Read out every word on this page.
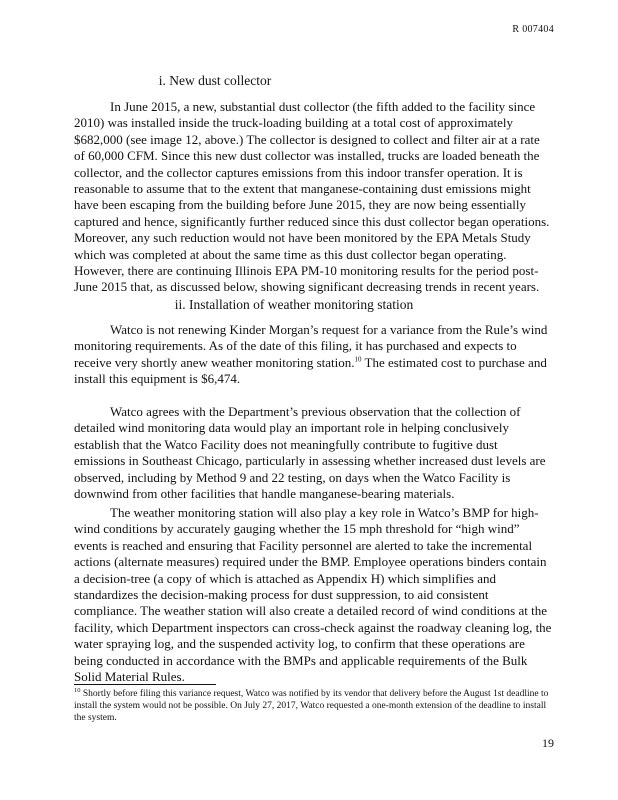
R 007404
i. New dust collector

In June 2015, a new, substantial dust collector (the fifth added to the facility since 2010) was installed inside the truck-loading building at a total cost of approximately $682,000 (see image 12, above.) The collector is designed to collect and filter air at a rate of 60,000 CFM. Since this new dust collector was installed, trucks are loaded beneath the collector, and the collector captures emissions from this indoor transfer operation. It is reasonable to assume that to the extent that manganese-containing dust emissions might have been escaping from the building before June 2015, they are now being essentially captured and hence, significantly further reduced since this dust collector began operations. Moreover, any such reduction would not have been monitored by the EPA Metals Study which was completed at about the same time as this dust collector began operating. However, there are continuing Illinois EPA PM-10 monitoring results for the period post-June 2015 that, as discussed below, showing significant decreasing trends in recent years.

ii. Installation of weather monitoring station

Watco is not renewing Kinder Morgan’s request for a variance from the Rule’s wind monitoring requirements. As of the date of this filing, it has purchased and expects to receive very shortly anew weather monitoring station.$^{10}$ The estimated cost to purchase and install this equipment is $6,474.

Watco agrees with the Department’s previous observation that the collection of detailed wind monitoring data would play an important role in helping conclusively establish that the Watco Facility does not meaningfully contribute to fugitive dust emissions in Southeast Chicago, particularly in assessing whether increased dust levels are observed, including by Method 9 and 22 testing, on days when the Watco Facility is downwind from other facilities that handle manganese-bearing materials.

The weather monitoring station will also play a key role in Watco’s BMP for high-wind conditions by accurately gauging whether the 15 mph threshold for “high wind” events is reached and ensuring that Facility personnel are alerted to take the incremental actions (alternate measures) required under the BMP. Employee operations binders contain a decision-tree (a copy of which is attached as Appendix H) which simplifies and standardizes the decision-making process for dust suppression, to aid consistent compliance. The weather station will also create a detailed record of wind conditions at the facility, which Department inspectors can cross-check against the roadway cleaning log, the water spraying log, and the suspended activity log, to confirm that these operations are being conducted in accordance with the BMPs and applicable requirements of the Bulk Solid Material Rules.

$^{10}$ Shortly before filing this variance request, Watco was notified by its vendor that delivery before the August 1st deadline to install the system would not be possible. On July 27, 2017, Watco requested a one-month extension of the deadline to install the system.

19
